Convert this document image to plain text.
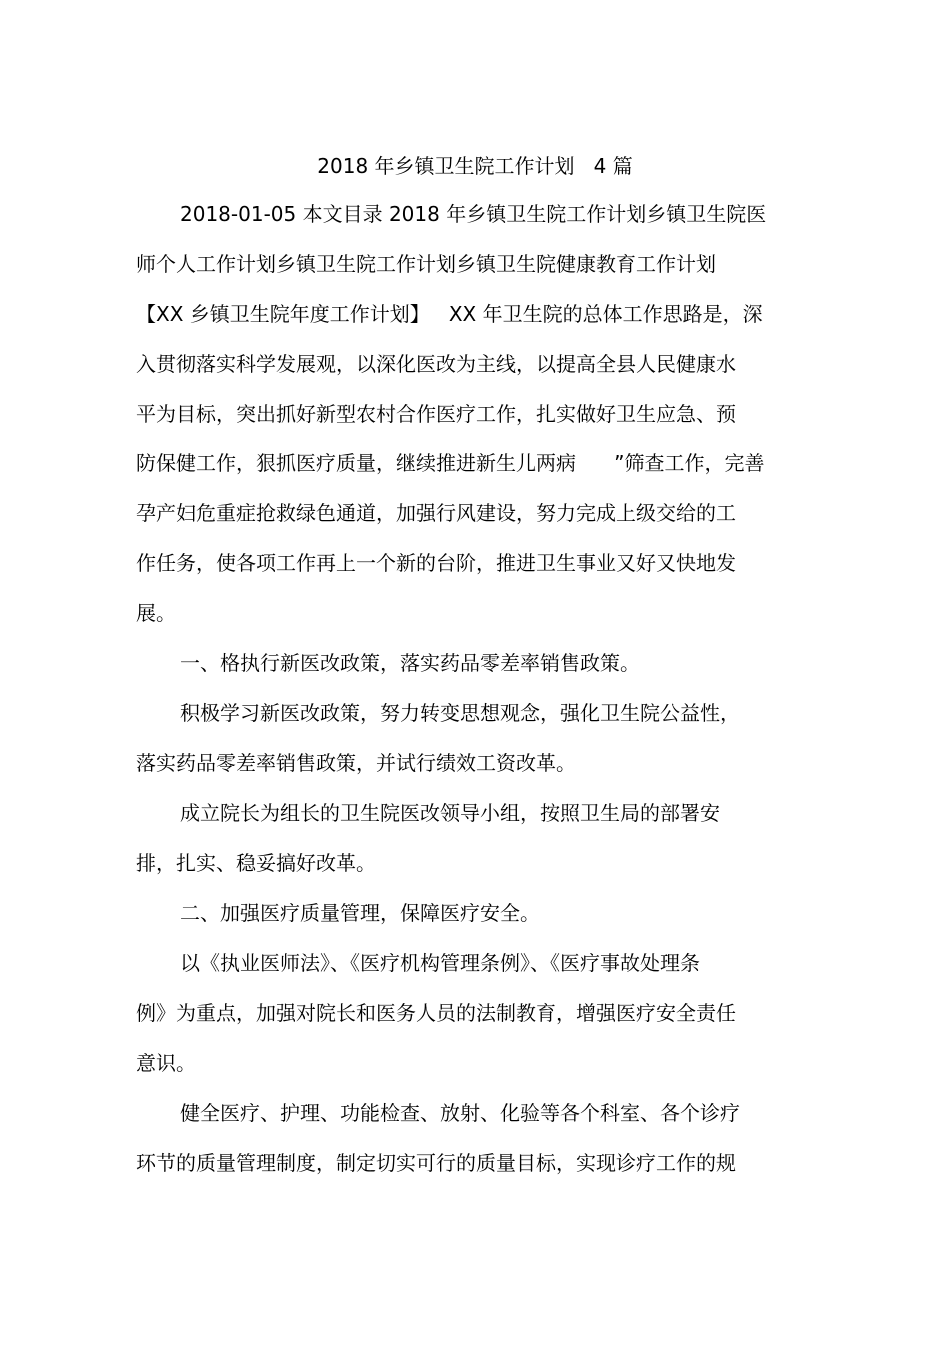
2018 年乡镇卫生院工作计划   4 篇
2018-01-05 本文目录 2018 年乡镇卫生院工作计划乡镇卫生院医
师个人工作计划乡镇卫生院工作计划乡镇卫生院健康教育工作计划
【XX 乡镇卫生院年度工作计划】   XX 年卫生院的总体工作思路是，深
入贯彻落实科学发展观，以深化医改为主线，以提高全县人民健康水
平为目标，突出抓好新型农村合作医疗工作，扎实做好卫生应急、预
防保健工作，狠抓医疗质量，继续推进新生儿两病      ”筛查工作，完善
孕产妇危重症抢救绿色通道，加强行风建设，努力完成上级交给的工
作任务，使各项工作再上一个新的台阶，推进卫生事业又好又快地发
展。
一、格执行新医改政策，落实药品零差率销售政策。
积极学习新医改政策，努力转变思想观念，强化卫生院公益性，
落实药品零差率销售政策，并试行绩效工资改革。
成立院长为组长的卫生院医改领导小组，按照卫生局的部署安
排，扎实、稳妥搞好改革。
二、加强医疗质量管理，保障医疗安全。
以《执业医师法》、《医疗机构管理条例》、《医疗事故处理条
例》为重点，加强对院长和医务人员的法制教育，增强医疗安全责任
意识。
健全医疗、护理、功能检查、放射、化验等各个科室、各个诊疗
环节的质量管理制度，制定切实可行的质量目标，实现诊疗工作的规
